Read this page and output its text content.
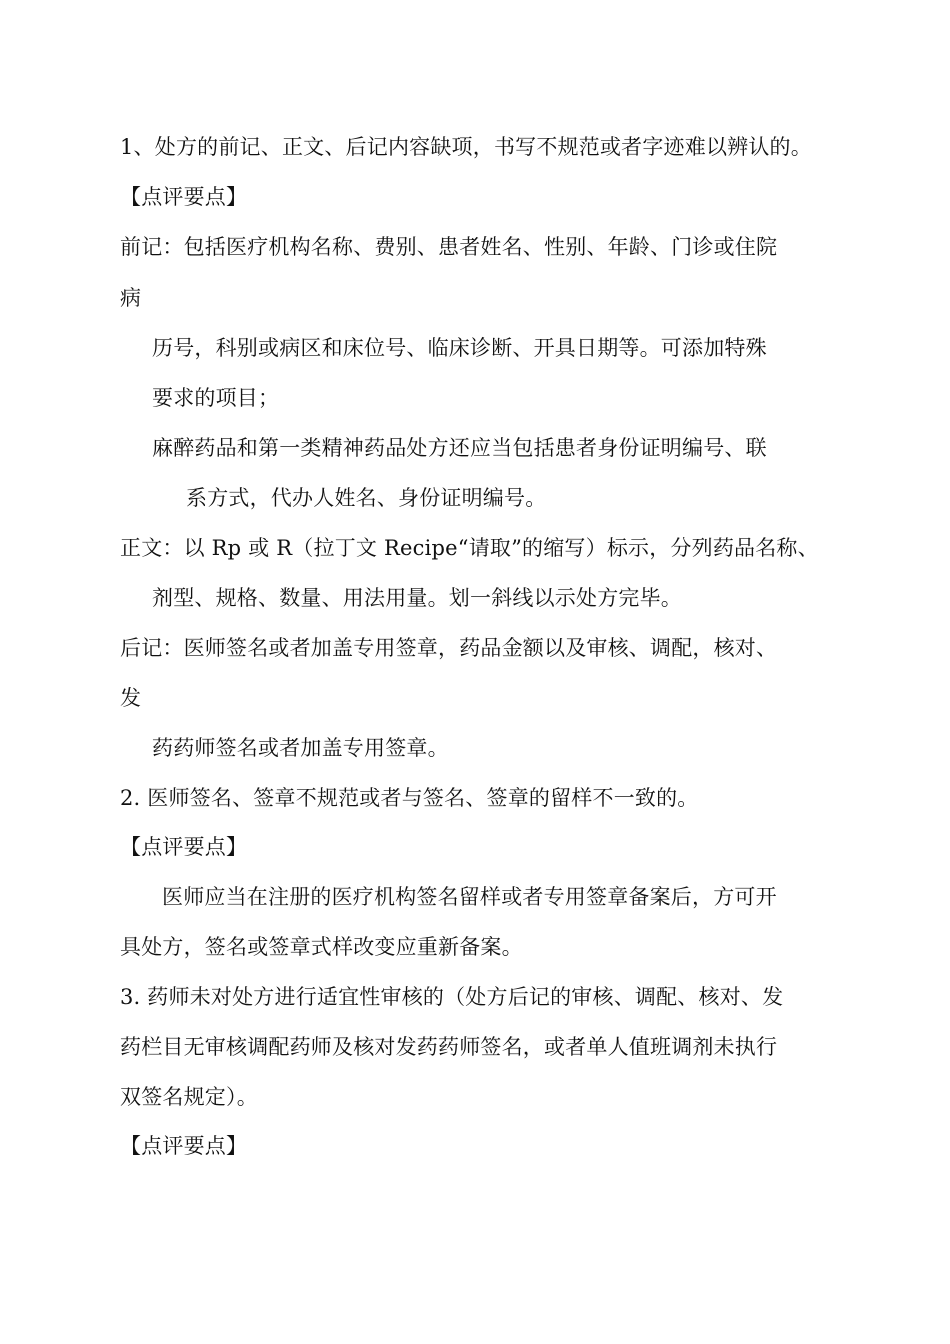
1、处方的前记、正文、后记内容缺项，书写不规范或者字迹难以辨认的。
【点评要点】
前记：包括医疗机构名称、费别、患者姓名、性别、年龄、门诊或住院
病
历号，科别或病区和床位号、临床诊断、开具日期等。可添加特殊
要求的项目；
麻醉药品和第一类精神药品处方还应当包括患者身份证明编号、联
系方式，代办人姓名、身份证明编号。
正文：以 Rp 或 R（拉丁文 Recipe“请取”的缩写）标示，分列药品名称、
剂型、规格、数量、用法用量。划一斜线以示处方完毕。
后记：医师签名或者加盖专用签章，药品金额以及审核、调配，核对、
发
药药师签名或者加盖专用签章。
2. 医师签名、签章不规范或者与签名、签章的留样不一致的。
【点评要点】
医师应当在注册的医疗机构签名留样或者专用签章备案后，方可开
具处方，签名或签章式样改变应重新备案。
3. 药师未对处方进行适宜性审核的（处方后记的审核、调配、核对、发
药栏目无审核调配药师及核对发药药师签名，或者单人值班调剂未执行
双签名规定）。
【点评要点】
